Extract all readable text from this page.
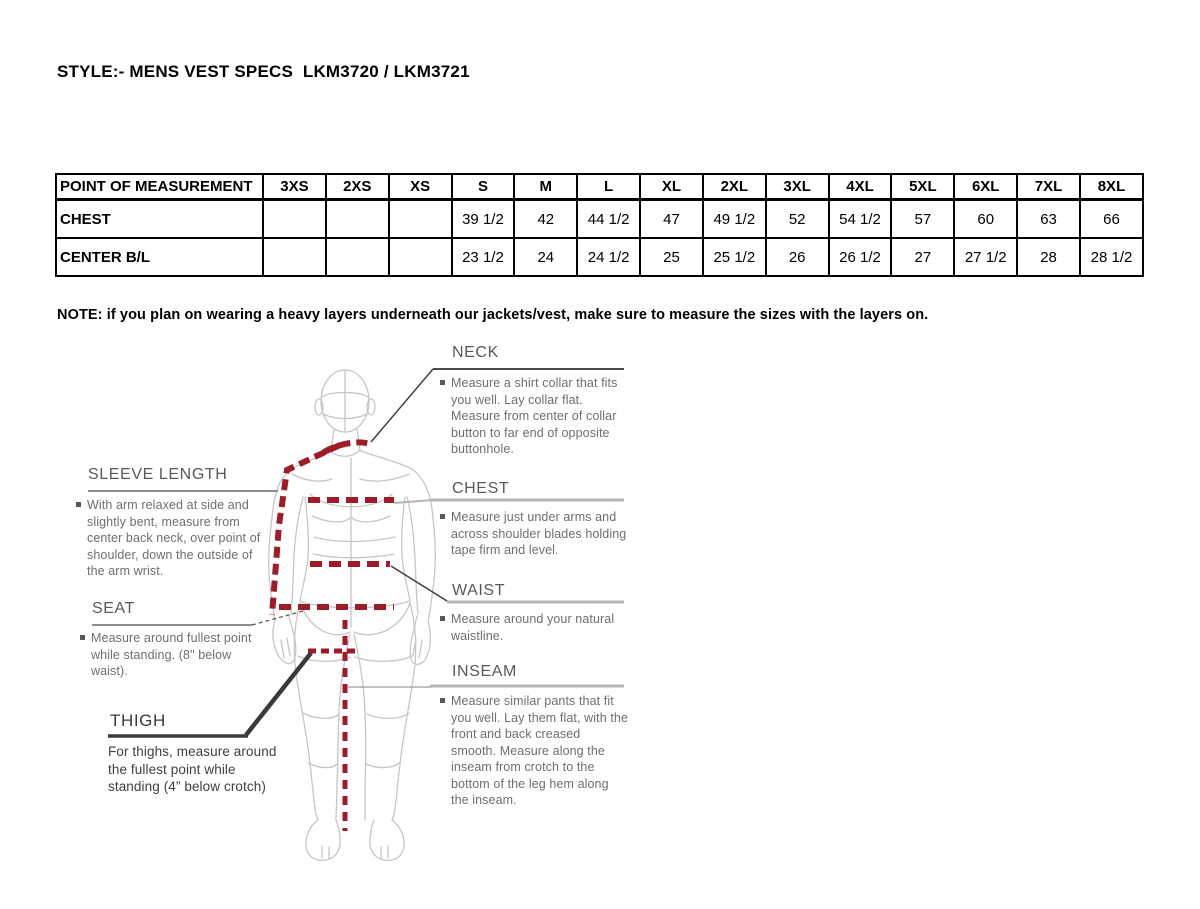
STYLE:- MENS VEST SPECS  LKM3720 / LKM3721
POINT OF MEASUREMENT	3XS	2XS	XS	S	M	L	XL	2XL	3XL	4XL	5XL	6XL	7XL	8XL
CHEST				39 1/2	42	44 1/2	47	49 1/2	52	54 1/2	57	60	63	66
CENTER B/L				23 1/2	24	24 1/2	25	25 1/2	26	26 1/2	27	27 1/2	28	28 1/2

NOTE: if you plan on wearing a heavy layers underneath our jackets/vest, make sure to measure the sizes with the layers on.

NECK
Measure a shirt collar that fits you well. Lay collar flat. Measure from center of collar button to far end of opposite buttonhole.
SLEEVE LENGTH
With arm relaxed at side and slightly bent, measure from center back neck, over point of shoulder, down the outside of the arm wrist.
CHEST
Measure just under arms and across shoulder blades holding tape firm and level.
WAIST
Measure around your natural waistline.
SEAT
Measure around fullest point while standing. (8" below waist).	INSEAM
Measure similar pants that fit you well. Lay them flat, with the front and back creased smooth. Measure along the inseam from crotch to the bottom of the leg hem along the inseam.
THIGH
For thighs, measure around the fullest point while standing (4” below crotch)
